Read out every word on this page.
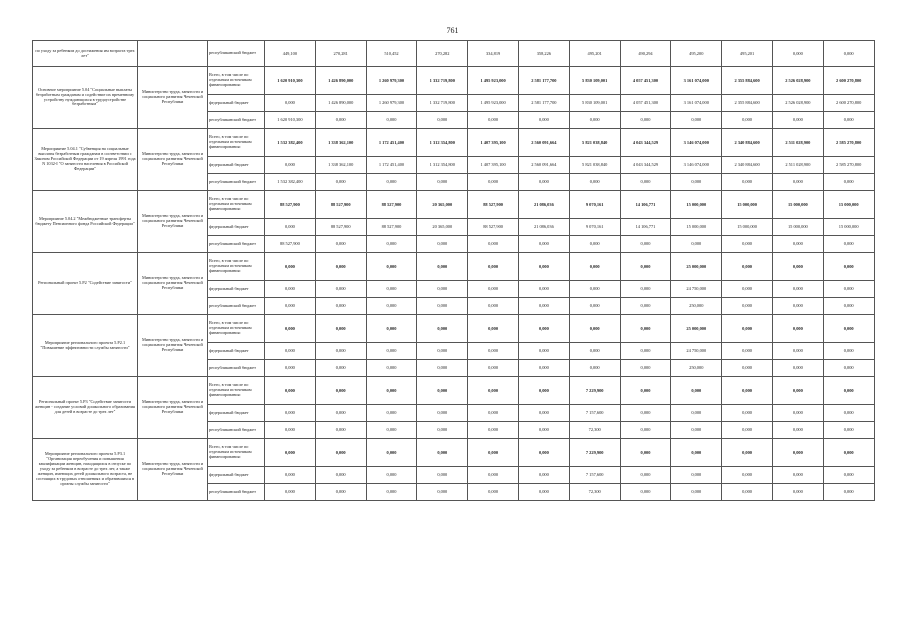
761
по уходу за ребенком до достижения им возраста трех лет"		республиканский бюджет	449,100	270,281	510,452	270,282	334,819	358,226	495,201	490,294	495,200	495,201	0,000	0,000
Основное мероприятие 5.04 "Социальные выплаты безработным гражданам и содействие их временному устройству нуждающихся в трудоустройстве безработным"	Министерство труда, занятости и социального развития Чеченской Республики	Всего, в том числе по отдельным источникам финансирования:	1 620 910,300	1 426 890,000	1 260 979,300	1 332 719,800	1 495 923,000	2 581 177,700	5 830 109,001	4 057 451,300	3 161 074,000	2 355 884,600	2 526 028,900	2 600 270,800
		федеральный бюджет	0,000	1 426 890,000	1 260 979,300	1 332 719,800	1 495 923,000	2 581 177,700	5 830 109,001	4 057 451,300	3 161 074,000	2 355 884,600	2 526 028,900	2 600 270,800
		республиканский бюджет	1 620 910,300	0,000	0,000	0,000	0,000	0,000	0,000	0,000	0,000	0,000	0,000	0,000
Мероприятие 5.04.1 "Субвенция на социальные выплаты безработным гражданам в соответствии с Законом Российской Федерации от 19 апреля 1991 года N 1032-I "О занятости населения в Российской Федерации"	Министерство труда, занятости и социального развития Чеченской Республики	Всего, в том числе по отдельным источникам финансирования:	1 532 382,400	1 338 362,100	1 172 451,400	1 312 354,800	1 407 395,100	2 560 091,664	5 821 038,840	4 043 344,529	3 146 074,000	2 340 884,600	2 511 028,900	2 585 270,800
		федеральный бюджет	0,000	1 338 362,100	1 172 451,400	1 312 354,800	1 407 395,100	2 560 091,664	5 821 038,840	4 043 344,529	3 146 074,000	2 340 884,600	2 511 028,900	2 585 270,800
		республиканский бюджет	1 532 382,400	0,000	0,000	0,000	0,000	0,000	0,000	0,000	0,000	0,000	0,000	0,000
Мероприятие 5.04.2 "Межбюджетные трансферты бюджету Пенсионного фонда Российской Федерации"	Министерство труда, занятости и социального развития Чеченской Республики	Всего, в том числе по отдельным источникам финансирования:	88 527,900	88 527,900	88 527,900	20 365,000	88 527,900	21 086,036	9 070,161	14 106,771	15 000,000	15 000,000	15 000,000	15 000,000
		федеральный бюджет	0,000	88 527,900	88 527,900	20 365,000	88 527,900	21 086,036	9 070,161	14 106,771	15 000,000	15 000,000	15 000,000	15 000,000
		республиканский бюджет	88 527,900	0,000	0,000	0,000	0,000	0,000	0,000	0,000	0,000	0,000	0,000	0,000
Региональный проект 5.P2 "Содействие занятости"	Министерство труда, занятости и социального развития Чеченской Республики	Всего, в том числе по отдельным источникам финансирования:	0,000	0,000	0,000	0,000	0,000	0,000	0,000	0,000	25 000,000	0,000	0,000	0,000
		федеральный бюджет	0,000	0,000	0,000	0,000	0,000	0,000	0,000	0,000	24 750,000	0,000	0,000	0,000
		республиканский бюджет	0,000	0,000	0,000	0,000	0,000	0,000	0,000	0,000	250,000	0,000	0,000	0,000
Мероприятие регионального проекта 5.P2.1 "Повышение эффективности службы занятости"	Министерство труда, занятости и социального развития Чеченской Республики	Всего, в том числе по отдельным источникам финансирования:	0,000	0,000	0,000	0,000	0,000	0,000	0,000	0,000	25 000,000	0,000	0,000	0,000
		федеральный бюджет	0,000	0,000	0,000	0,000	0,000	0,000	0,000	0,000	24 750,000	0,000	0,000	0,000
		республиканский бюджет	0,000	0,000	0,000	0,000	0,000	0,000	0,000	0,000	250,000	0,000	0,000	0,000
Региональный проект 5.P3 "Содействие занятости женщин - создание условий дошкольного образования для детей в возрасте до трех лет"	Министерство труда, занятости и социального развития Чеченской Республики	Всего, в том числе по отдельным источникам финансирования:	0,000	0,000	0,000	0,000	0,000	0,000	7 229,900	0,000	0,000	0,000	0,000	0,000
		федеральный бюджет	0,000	0,000	0,000	0,000	0,000	0,000	7 157,600	0,000	0,000	0,000	0,000	0,000
		республиканский бюджет	0,000	0,000	0,000	0,000	0,000	0,000	72,300	0,000	0,000	0,000	0,000	0,000
Мероприятие регионального проекта 5.P3.1 "Организация переобучения и повышения квалификации женщин, находящихся в отпуске по уходу за ребенком в возрасте до трех лет, а также женщин, имеющих детей дошкольного возраста, не состоящих в трудовых отношениях и обратившихся в органы службы занятости"	Министерство труда, занятости и социального развития Чеченской Республики	Всего, в том числе по отдельным источникам финансирования:	0,000	0,000	0,000	0,000	0,000	0,000	7 229,900	0,000	0,000	0,000	0,000	0,000
		федеральный бюджет	0,000	0,000	0,000	0,000	0,000	0,000	7 157,600	0,000	0,000	0,000	0,000	0,000
		республиканский бюджет	0,000	0,000	0,000	0,000	0,000	0,000	72,300	0,000	0,000	0,000	0,000	0,000
